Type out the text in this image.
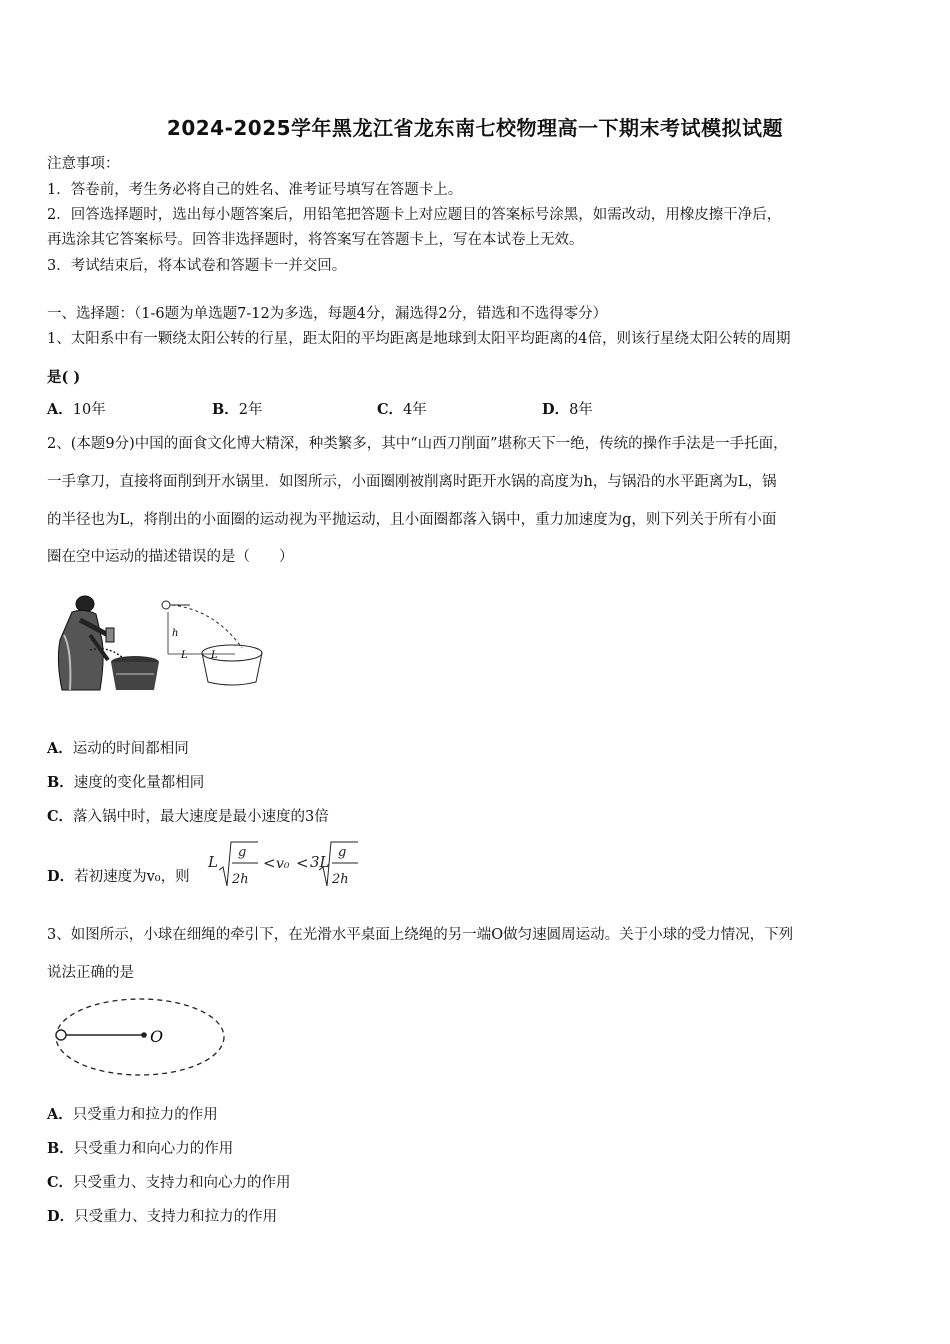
2024-2025学年黑龙江省龙东南七校物理高一下期末考试模拟试题
注意事项：
1．答卷前，考生务必将自己的姓名、准考证号填写在答题卡上。
2．回答选择题时，选出每小题答案后，用铅笔把答题卡上对应题目的答案标号涂黑，如需改动，用橡皮擦干净后，
再选涂其它答案标号。回答非选择题时，将答案写在答题卡上，写在本试卷上无效。
3．考试结束后，将本试卷和答题卡一并交回。
一、选择题：（1-6题为单选题7-12为多选，每题4分，漏选得2分，错选和不选得零分）
1、太阳系中有一颗绕太阳公转的行星，距太阳的平均距离是地球到太阳平均距离的4倍，则该行星绕太阳公转的周期
是( )
A．10年	B．2年	C．4年	D．8年
2、(本题9分)中国的面食文化博大精深，种类繁多，其中“山西刀削面”堪称天下一绝，传统的操作手法是一手托面，
一手拿刀，直接将面削到开水锅里．如图所示，小面圈刚被削离时距开水锅的高度为h，与锅沿的水平距离为L，锅
的半径也为L，将削出的小面圈的运动视为平抛运动，且小面圈都落入锅中，重力加速度为g，则下列关于所有小面
圈在空中运动的描述错误的是（　　）
h
L L
A．运动的时间都相同
B．速度的变化量都相同
C．落入锅中时，最大速度是最小速度的3倍
D．若初速度为v₀，则
L
g
2h
< v₀ < 3L
g
2h
3、如图所示，小球在细绳的牵引下，在光滑水平桌面上绕绳的另一端O做匀速圆周运动。关于小球的受力情况，下列
说法正确的是
O
A．只受重力和拉力的作用
B．只受重力和向心力的作用
C．只受重力、支持力和向心力的作用
D．只受重力、支持力和拉力的作用
